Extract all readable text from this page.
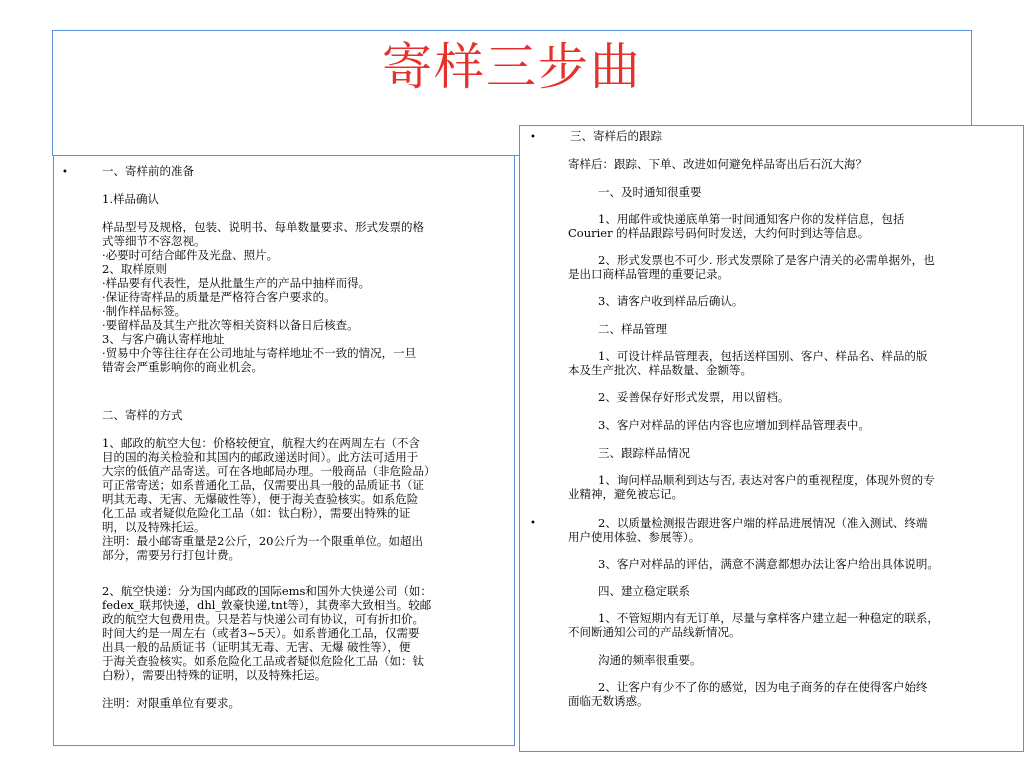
寄样三步曲
•	一、寄样前的准备
1.样品确认
样品型号及规格，包装、说明书、每单数量要求、形式发票的格
式等细节不容忽视。
·必要时可结合邮件及光盘、照片。
2、取样原则
·样品要有代表性，是从批量生产的产品中抽样而得。
·保证待寄样品的质量是严格符合客户要求的。
·制作样品标签。
·要留样品及其生产批次等相关资料以备日后核查。
3、与客户确认寄样地址
·贸易中介等往往存在公司地址与寄样地址不一致的情况，一旦
错寄会严重影响你的商业机会。
二、寄样的方式
1、邮政的航空大包：价格较便宜，航程大约在两周左右（不含
目的国的海关检验和其国内的邮政递送时间）。此方法可适用于
大宗的低值产品寄送。可在各地邮局办理。一般商品（非危险品）
可正常寄送；如系普通化工品，仅需要出具一般的品质证书（证
明其无毒、无害、无爆破性等），便于海关查验核实。如系危险
化工品 或者疑似危险化工品（如：钛白粉），需要出特殊的证
明，以及特殊托运。
注明：最小邮寄重量是2公斤，20公斤为一个限重单位。如超出
部分，需要另行打包计费。
2、航空快递：分为国内邮政的国际ems和国外大快递公司（如：
fedex_联邦快递，dhl_敦豪快递,tnt等），其费率大致相当。较邮
政的航空大包费用贵。只是若与快递公司有协议，可有折扣价。
时间大约是一周左右（或者3~5天）。如系普通化工品，仅需要
出具一般的品质证书（证明其无毒、无害、无爆 破性等），便
于海关查验核实。如系危险化工品或者疑似危险化工品（如：钛
白粉），需要出特殊的证明，以及特殊托运。
注明：对限重单位有要求。
•	三、寄样后的跟踪
寄样后：跟踪、下单、改进如何避免样品寄出后石沉大海？
一、及时通知很重要
1、用邮件或快递底单第一时间通知客户你的发样信息，包括
Courier 的样品跟踪号码何时发送，大约何时到达等信息。
2、形式发票也不可少. 形式发票除了是客户清关的必需单据外，也
是出口商样品管理的重要记录。
3、请客户收到样品后确认。
二、样品管理
1、可设计样品管理表，包括送样国别、客户、样品名、样品的版
本及生产批次、样品数量、金额等。
2、妥善保存好形式发票，用以留档。
3、客户对样品的评估内容也应增加到样品管理表中。
三、跟踪样品情况
1、询问样品顺利到达与否, 表达对客户的重视程度，体现外贸的专
业精神，避免被忘记。
•	2、以质量检测报告跟进客户端的样品进展情况（准入测试、终端
用户使用体验、参展等）。
3、客户对样品的评估，满意不满意都想办法让客户给出具体说明。
四、建立稳定联系
1、不管短期内有无订单，尽量与拿样客户建立起一种稳定的联系，
不间断通知公司的产品线新情况。
沟通的频率很重要。
2、让客户有少不了你的感觉，因为电子商务的存在使得客户始终
面临无数诱惑。
